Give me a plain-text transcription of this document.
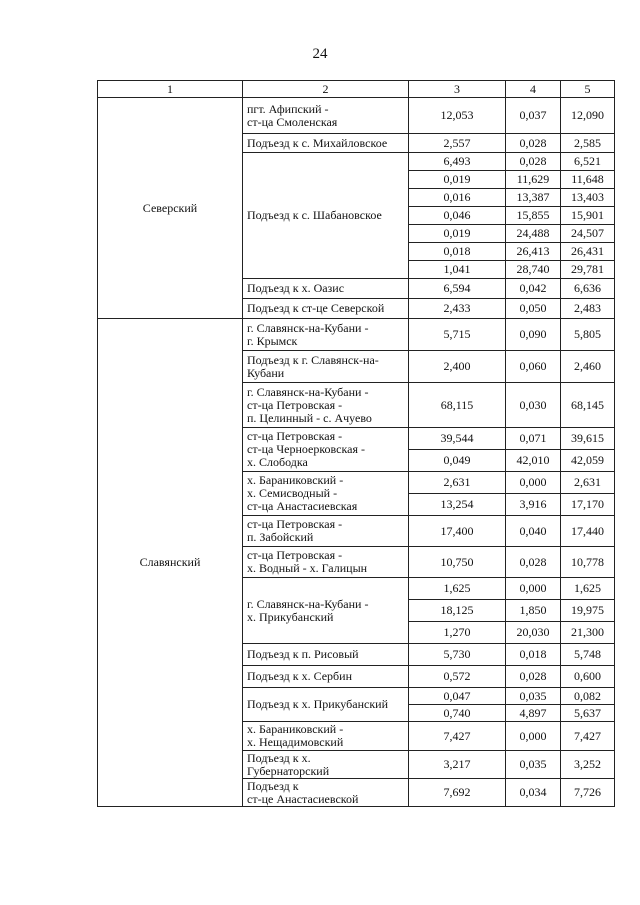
24
1	2	3	4	5
Северский	пгт. Афипский -
ст-ца Смоленская	12,053	0,037	12,090

	Подъезд к с. Михайловское	2,557	0,028	2,585

	Подъезд к с. Шабановское	6,493	0,028	6,521
		0,019	11,629	11,648
		0,016	13,387	13,403
		0,046	15,855	15,901
		0,019	24,488	24,507
		0,018	26,413	26,431
		1,041	28,740	29,781

	Подъезд к х. Оазис	6,594	0,042	6,636

	Подъезд к ст-це Северской	2,433	0,050	2,483
Славянский	г. Славянск-на-Кубани -
г. Крымск	5,715	0,090	5,805

	Подъезд к г. Славянск-на-
Кубани	2,400	0,060	2,460

	г. Славянск-на-Кубани -
ст-ца Петровская -
п. Целинный - с. Ачуево	68,115	0,030	68,145

	ст-ца Петровская -
ст-ца Черноерковская -
х. Слободка	39,544	0,071	39,615
		0,049	42,010	42,059

	х. Бараниковский -
х. Семисводный -
ст-ца Анастасиевская	2,631	0,000	2,631
		13,254	3,916	17,170

	ст-ца Петровская -
п. Забойский	17,400	0,040	17,440

	ст-ца Петровская -
х. Водный - х. Галицын	10,750	0,028	10,778

	г. Славянск-на-Кубани -
х. Прикубанский	1,625	0,000	1,625
		18,125	1,850	19,975
		1,270	20,030	21,300

	Подъезд к п. Рисовый	5,730	0,018	5,748

	Подъезд к х. Сербин	0,572	0,028	0,600

	Подъезд к х. Прикубанский	0,047	0,035	0,082
		0,740	4,897	5,637

	х. Бараниковский -
х. Нещадимовский	7,427	0,000	7,427

	Подъезд к х.
Губернаторский	3,217	0,035	3,252

	Подъезд к
ст-це Анастасиевской	7,692	0,034	7,726
